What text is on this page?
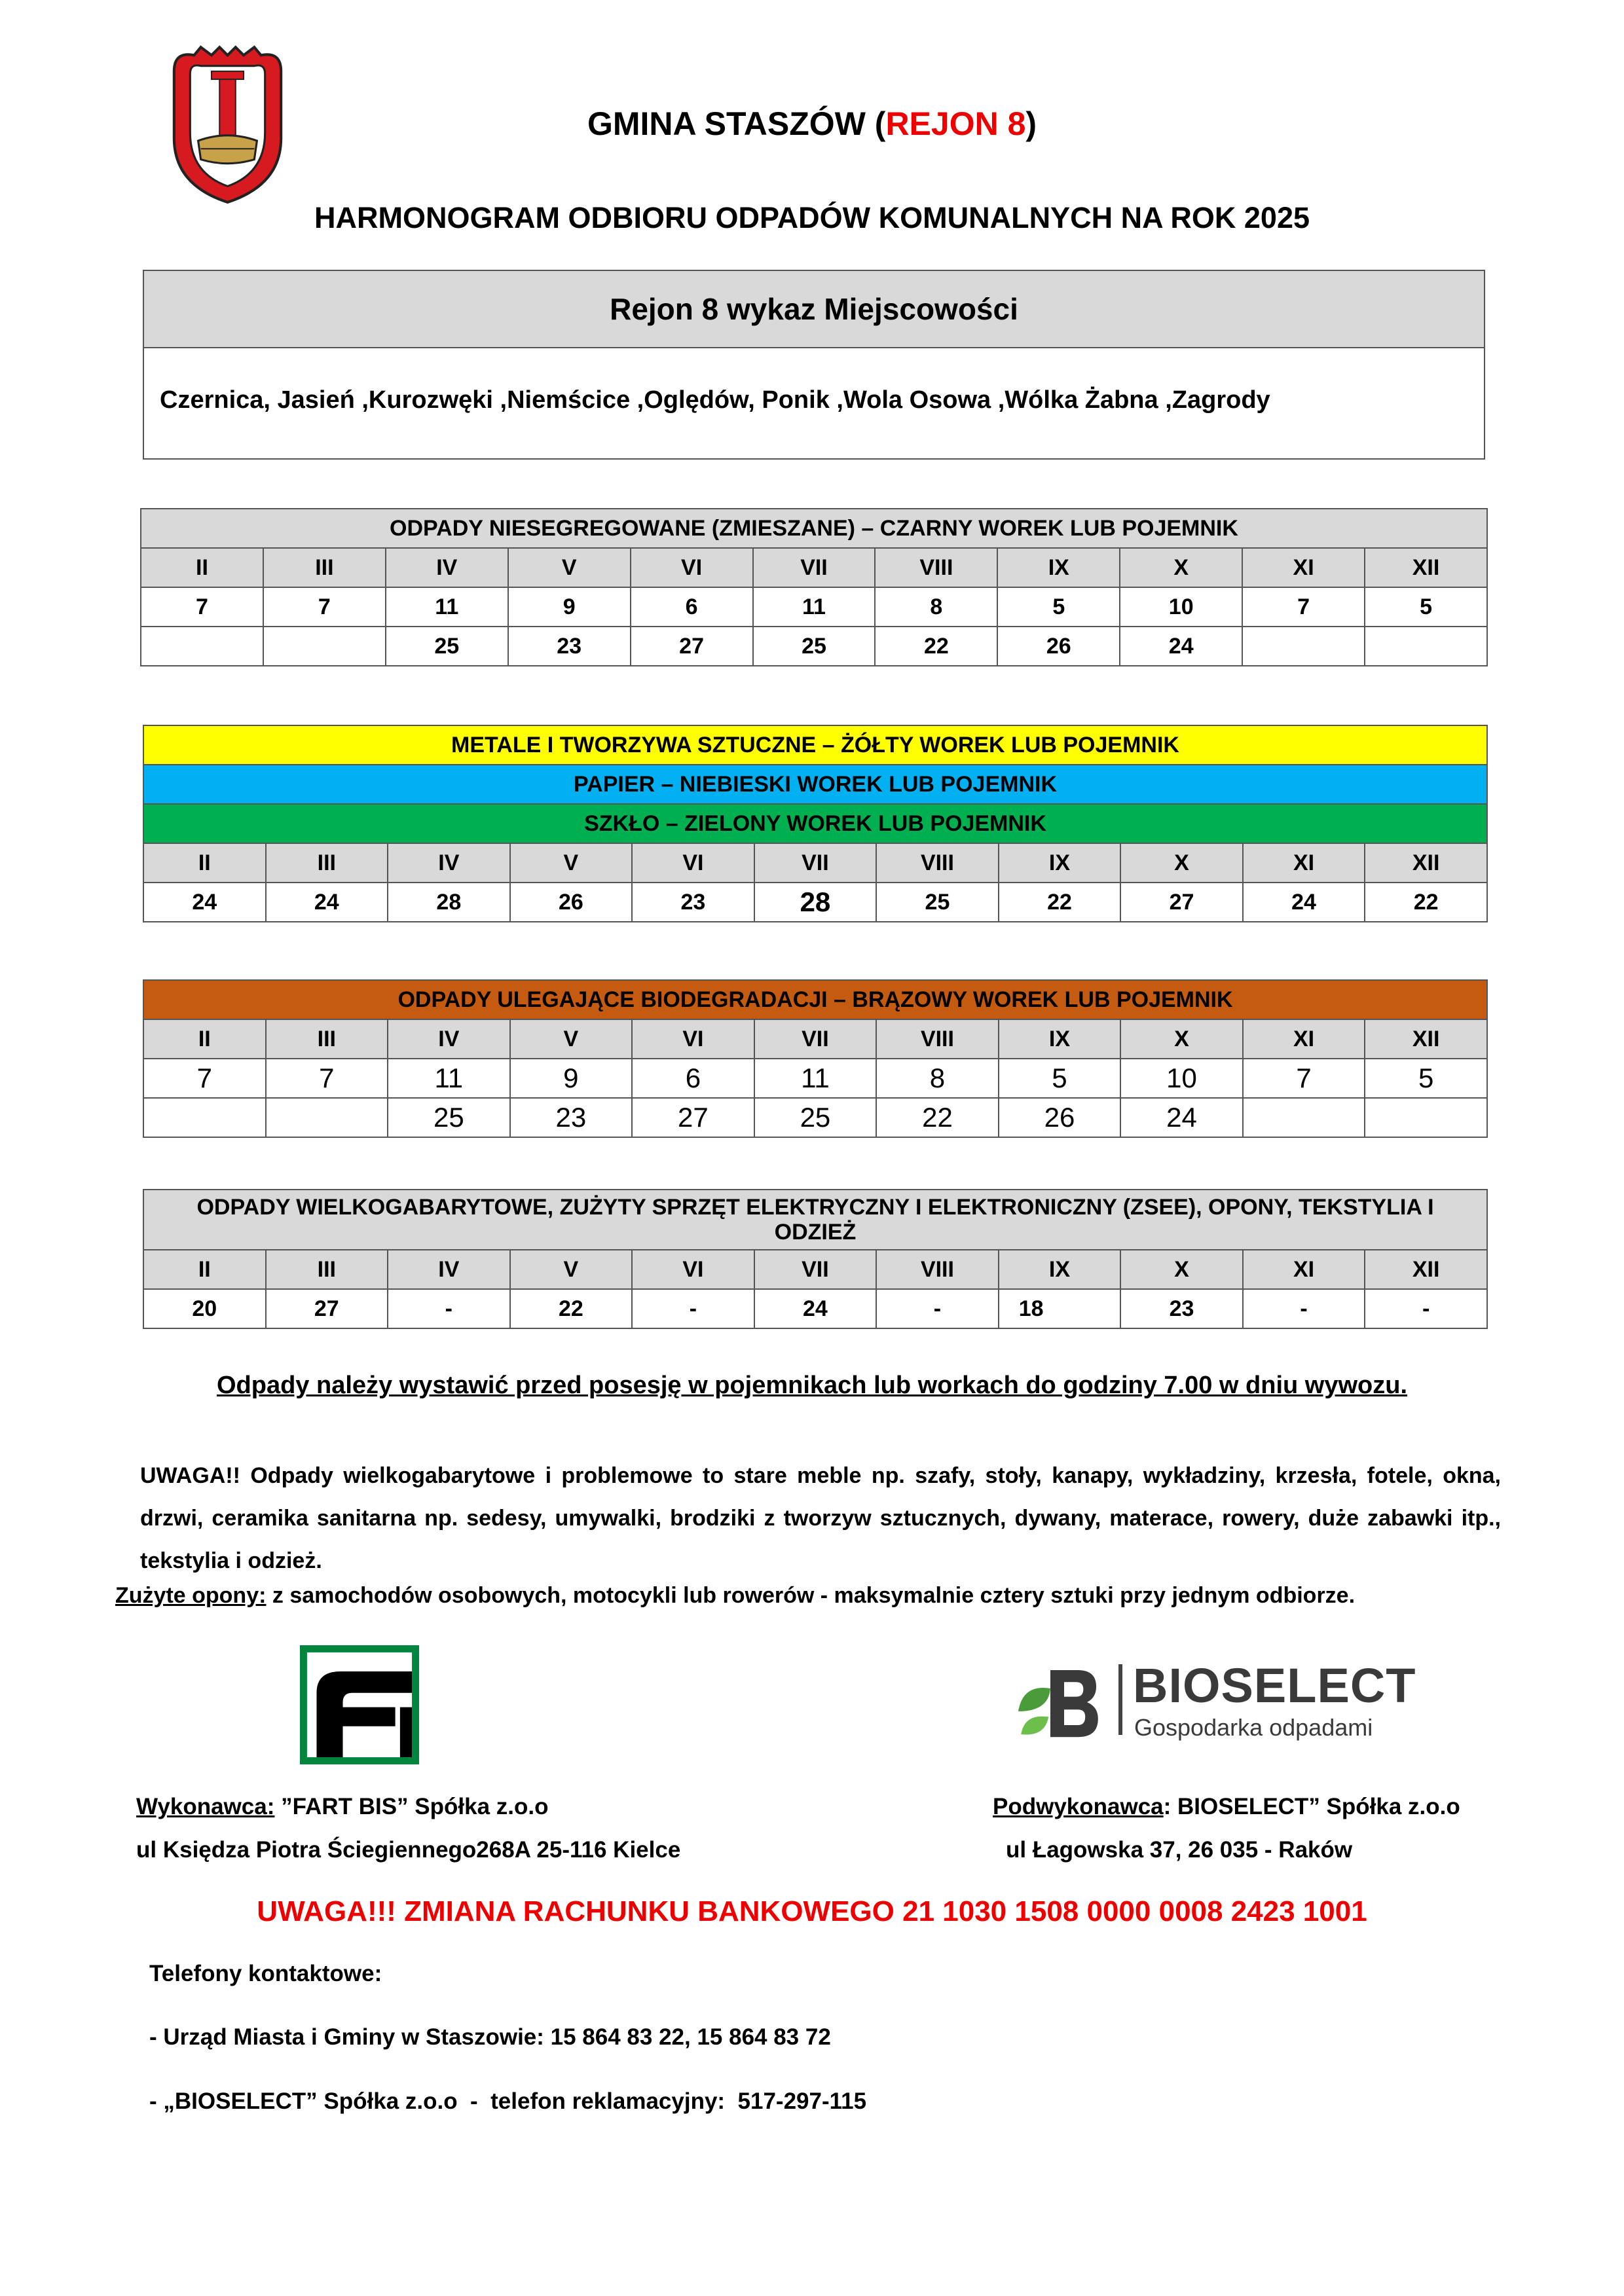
GMINA STASZÓW (REJON 8)
HARMONOGRAM ODBIORU ODPADÓW KOMUNALNYCH NA ROK 2025
Rejon 8 wykaz Miejscowości
Czernica, Jasień ,Kurozwęki ,Niemścice ,Oględów, Ponik ,Wola Osowa ,Wólka Żabna ,Zagrody
ODPADY NIESEGREGOWANE (ZMIESZANE) – CZARNY WOREK LUB POJEMNIK										
II	III	IV	V	VI	VII	VIII	IX	X	XI	XII
7	7	11	9	6	11	8	5	10	7	5
		25	23	27	25	22	26	24		
METALE I TWORZYWA SZTUCZNE – ŻÓŁTY WOREK LUB POJEMNIK										
PAPIER – NIEBIESKI WOREK LUB POJEMNIK										
SZKŁO – ZIELONY WOREK LUB POJEMNIK										
II	III	IV	V	VI	VII	VIII	IX	X	XI	XII
24	24	28	26	23	28	25	22	27	24	22
ODPADY ULEGAJĄCE BIODEGRADACJI – BRĄZOWY WOREK LUB POJEMNIK										
II	III	IV	V	VI	VII	VIII	IX	X	XI	XII
7	7	11	9	6	11	8	5	10	7	5
		25	23	27	25	22	26	24		
ODPADY WIELKOGABARYTOWE, ZUŻYTY SPRZĘT ELEKTRYCZNY I ELEKTRONICZNY (ZSEE), OPONY, TEKSTYLIA I ODZIEŻ										
II	III	IV	V	VI	VII	VIII	IX	X	XI	XII
20	27	-	22	-	24	-	18	23	-	-
Odpady należy wystawić przed posesję w pojemnikach lub workach do godziny 7.00 w dniu wywozu.
UWAGA!! Odpady wielkogabarytowe i problemowe to stare meble np. szafy, stoły, kanapy, wykładziny, krzesła, fotele, okna, drzwi, ceramika sanitarna np. sedesy, umywalki, brodziki z tworzyw sztucznych, dywany, materace, rowery, duże zabawki itp., tekstylia i odzież.
Zużyte opony: z samochodów osobowych, motocykli lub rowerów - maksymalnie cztery sztuki przy jednym odbiorze.
BIOSELECT
Gospodarka odpadami
Wykonawca: ”FART BIS” Spółka z.o.o
ul Księdza Piotra Ściegiennego268A 25-116 Kielce
Podwykonawca: BIOSELECT” Spółka z.o.o
ul Łagowska 37, 26 035 - Raków
UWAGA!!! ZMIANA RACHUNKU BANKOWEGO 21 1030 1508 0000 0008 2423 1001
Telefony kontaktowe:
- Urząd Miasta i Gminy w Staszowie: 15 864 83 22, 15 864 83 72
- „BIOSELECT” Spółka z.o.o  -  telefon reklamacyjny:  517-297-115
